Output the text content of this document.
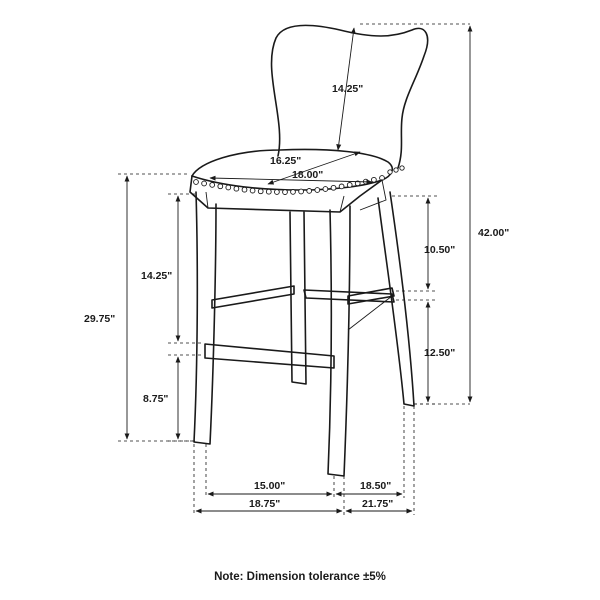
14.25"
16.25"
18.00"
42.00"
29.75"
14.25"
8.75"
10.50"
12.50"
15.00"
18.75"
18.50"
21.75"
Note: Dimension tolerance ±5%
